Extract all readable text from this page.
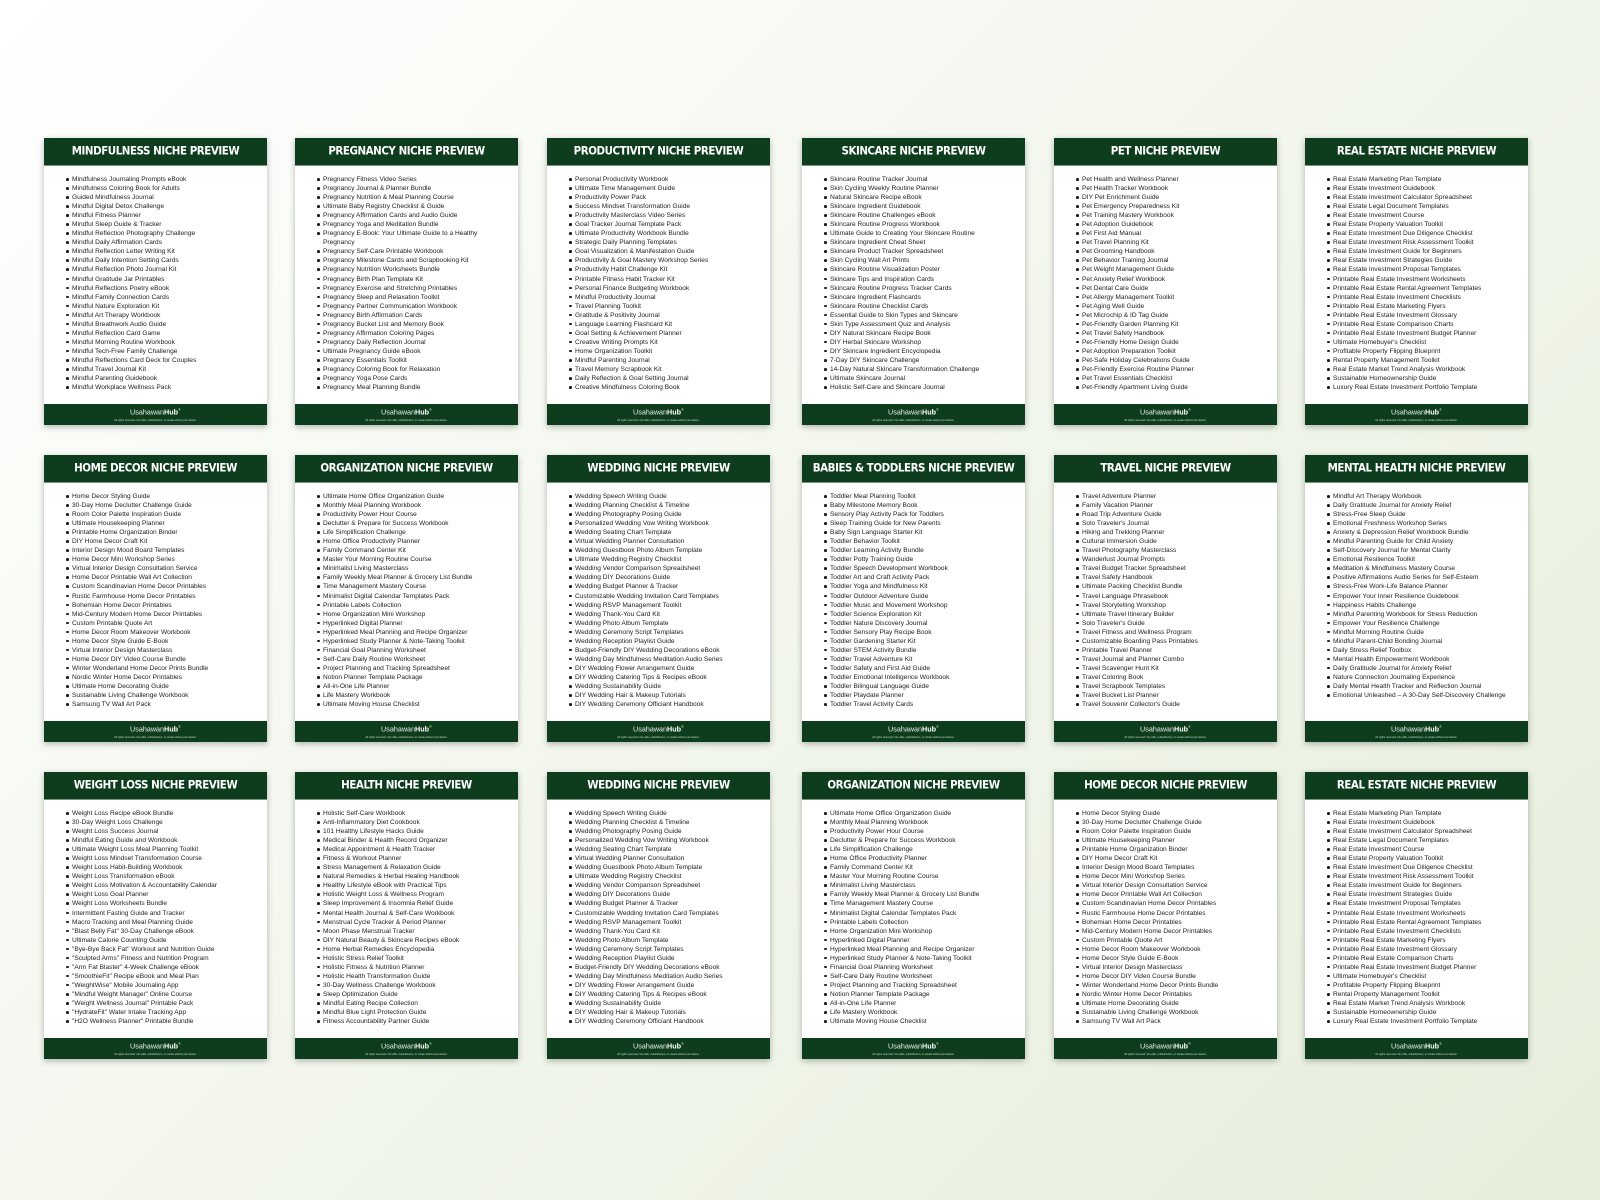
MINDFULNESS NICHE PREVIEW
Mindfulness Journaling Prompts eBook
Mindfulness Coloring Book for Adults
Guided Mindfulness Journal
Mindful Digital Detox Challenge
Mindful Fitness Planner
Mindful Sleep Guide & Tracker
Mindful Reflection Photography Challenge
Mindful Daily Affirmation Cards
Mindful Reflection Letter Writing Kit
Mindful Daily Intention Setting Cards
Mindful Reflection Photo Journal Kit
Mindful Gratitude Jar Printables
Mindful Reflections Poetry eBook
Mindful Family Connection Cards
Mindful Nature Exploration Kit
Mindful Art Therapy Workbook
Mindful Breathwork Audio Guide
Mindful Reflection Card Game
Mindful Morning Routine Workbook
Mindful Tech-Free Family Challenge
Mindful Reflections Card Deck for Couples
Mindful Travel Journal Kit
Mindful Parenting Guidebook
Mindful Workplace Wellness Pack
UsahawanHub®
All rights reserved. No edits, redistribution, or resale without permission.
PREGNANCY NICHE PREVIEW
Pregnancy Fitness Video Series
Pregnancy Journal & Planner Bundle
Pregnancy Nutrition & Meal Planning Course
Ultimate Baby Registry Checklist & Guide
Pregnancy Affirmation Cards and Audio Guide
Pregnancy Yoga and Meditation Bundle
Pregnancy E-Book: Your Ultimate Guide to a Healthy Pregnancy
Pregnancy Self-Care Printable Workbook
Pregnancy Milestone Cards and Scrapbooking Kit
Pregnancy Nutrition Worksheets Bundle
Pregnancy Birth Plan Template Kit
Pregnancy Exercise and Stretching Printables
Pregnancy Sleep and Relaxation Toolkit
Pregnancy Partner Communication Workbook
Pregnancy Birth Affirmation Cards
Pregnancy Bucket List and Memory Book
Pregnancy Affirmation Coloring Pages
Pregnancy Daily Reflection Journal
Ultimate Pregnancy Guide eBook
Pregnancy Essentials Toolkit
Pregnancy Coloring Book for Relaxation
Pregnancy Yoga Pose Cards
Pregnancy Meal Planning Bundle
UsahawanHub®
All rights reserved. No edits, redistribution, or resale without permission.
PRODUCTIVITY NICHE PREVIEW
Personal Productivity Workbook
Ultimate Time Management Guide
Productivity Power Pack
Success Mindset Transformation Guide
Productivity Masterclass Video Series
Goal Tracker Journal Template Pack
Ultimate Productivity Workbook Bundle
Strategic Daily Planning Templates
Goal Visualization & Manifestation Guide
Productivity & Goal Mastery Workshop Series
Productivity Habit Challenge Kit
Printable Fitness Habit Tracker Kit
Personal Finance Budgeting Workbook
Mindful Productivity Journal
Travel Planning Toolkit
Gratitude & Positivity Journal
Language Learning Flashcard Kit
Goal Setting & Achievement Planner
Creative Writing Prompts Kit
Home Organization Toolkit
Mindful Parenting Journal
Travel Memory Scrapbook Kit
Daily Reflection & Goal Setting Journal
Creative Mindfulness Coloring Book
UsahawanHub®
All rights reserved. No edits, redistribution, or resale without permission.
SKINCARE NICHE PREVIEW
Skincare Routine Tracker Journal
Skin Cycling Weekly Routine Planner
Natural Skincare Recipe eBook
Skincare Ingredient Guidebook
Skincare Routine Challenges eBook
Skincare Routine Progress Workbook
Ultimate Guide to Creating Your Skincare Routine
Skincare Ingredient Cheat Sheet
Skincare Product Tracker Spreadsheet
Skin Cycling Wall Art Prints
Skincare Routine Visualization Poster
Skincare Tips and Inspiration Cards
Skincare Routine Progress Tracker Cards
Skincare Ingredient Flashcards
Skincare Routine Checklist Cards
Essential Guide to Skin Types and Skincare
Skin Type Assessment Quiz and Analysis
DIY Natural Skincare Recipe Book
DIY Herbal Skincare Workshop
DIY Skincare Ingredient Encyclopedia
7-Day DIY Skincare Challenge
14-Day Natural Skincare Transformation Challenge
Ultimate Skincare Journal
Holistic Self-Care and Skincare Journal
UsahawanHub®
All rights reserved. No edits, redistribution, or resale without permission.
PET NICHE PREVIEW
Pet Health and Wellness Planner
Pet Health Tracker Workbook
DIY Pet Enrichment Guide
Pet Emergency Preparedness Kit
Pet Training Mastery Workbook
Pet Adoption Guidebook
Pet First Aid Manual
Pet Travel Planning Kit
Pet Grooming Handbook
Pet Behavior Training Journal
Pet Weight Management Guide
Pet Anxiety Relief Workbook
Pet Dental Care Guide
Pet Allergy Management Toolkit
Pet Aging Well Guide
Pet Microchip & ID Tag Guide
Pet-Friendly Garden Planning Kit
Pet Travel Safety Handbook
Pet-Friendly Home Design Guide
Pet Adoption Preparation Toolkit
Pet-Safe Holiday Celebrations Guide
Pet-Friendly Exercise Routine Planner
Pet Travel Essentials Checklist
Pet-Friendly Apartment Living Guide
UsahawanHub®
All rights reserved. No edits, redistribution, or resale without permission.
REAL ESTATE NICHE PREVIEW
Real Estate Marketing Plan Template
Real Estate Investment Guidebook
Real Estate Investment Calculator Spreadsheet
Real Estate Legal Document Templates
Real Estate Investment Course
Real Estate Property Valuation Toolkit
Real Estate Investment Due Diligence Checklist
Real Estate Investment Risk Assessment Toolkit
Real Estate Investment Guide for Beginners
Real Estate Investment Strategies Guide
Real Estate Investment Proposal Templates
Printable Real Estate Investment Worksheets
Printable Real Estate Rental Agreement Templates
Printable Real Estate Investment Checklists
Printable Real Estate Marketing Flyers
Printable Real Estate Investment Glossary
Printable Real Estate Comparison Charts
Printable Real Estate Investment Budget Planner
Ultimate Homebuyer's Checklist
Profitable Property Flipping Blueprint
Rental Property Management Toolkit
Real Estate Market Trend Analysis Workbook
Sustainable Homeownership Guide
Luxury Real Estate Investment Portfolio Template
UsahawanHub®
All rights reserved. No edits, redistribution, or resale without permission.
HOME DECOR NICHE PREVIEW
Home Decor Styling Guide
30-Day Home Declutter Challenge Guide
Room Color Palette Inspiration Guide
Ultimate Housekeeping Planner
Printable Home Organization Binder
DIY Home Decor Craft Kit
Interior Design Mood Board Templates
Home Decor Mini Workshop Series
Virtual Interior Design Consultation Service
Home Decor Printable Wall Art Collection
Custom Scandinavian Home Decor Printables
Rustic Farmhouse Home Decor Printables
Bohemian Home Decor Printables
Mid-Century Modern Home Decor Printables
Custom Printable Quote Art
Home Decor Room Makeover Workbook
Home Decor Style Guide E-Book
Virtual Interior Design Masterclass
Home Decor DIY Video Course Bundle
Winter Wonderland Home Decor Prints Bundle
Nordic Winter Home Decor Printables
Ultimate Home Decorating Guide
Sustainable Living Challenge Workbook
Samsung TV Wall Art Pack
UsahawanHub®
All rights reserved. No edits, redistribution, or resale without permission.
ORGANIZATION NICHE PREVIEW
Ultimate Home Office Organization Guide
Monthly Meal Planning Workbook
Productivity Power Hour Course
Declutter & Prepare for Success Workbook
Life Simplification Challenge
Home Office Productivity Planner
Family Command Center Kit
Master Your Morning Routine Course
Minimalist Living Masterclass
Family Weekly Meal Planner & Grocery List Bundle
Time Management Mastery Course
Minimalist Digital Calendar Templates Pack
Printable Labels Collection
Home Organization Mini Workshop
Hyperlinked Digital Planner
Hyperlinked Meal Planning and Recipe Organizer
Hyperlinked Study Planner & Note-Taking Toolkit
Financial Goal Planning Worksheet
Self-Care Daily Routine Worksheet
Project Planning and Tracking Spreadsheet
Notion Planner Template Package
All-in-One Life Planner
Life Mastery Workbook
Ultimate Moving House Checklist
UsahawanHub®
All rights reserved. No edits, redistribution, or resale without permission.
WEDDING NICHE PREVIEW
Wedding Speech Writing Guide
Wedding Planning Checklist & Timeline
Wedding Photography Posing Guide
Personalized Wedding Vow Writing Workbook
Wedding Seating Chart Template
Virtual Wedding Planner Consultation
Wedding Guestbook Photo Album Template
Ultimate Wedding Registry Checklist
Wedding Vendor Comparison Spreadsheet
Wedding DIY Decorations Guide
Wedding Budget Planner & Tracker
Customizable Wedding Invitation Card Templates
Wedding RSVP Management Toolkit
Wedding Thank-You Card Kit
Wedding Photo Album Template
Wedding Ceremony Script Templates
Wedding Reception Playlist Guide
Budget-Friendly DIY Wedding Decorations eBook
Wedding Day Mindfulness Meditation Audio Series
DIY Wedding Flower Arrangement Guide
DIY Wedding Catering Tips & Recipes eBook
Wedding Sustainability Guide
DIY Wedding Hair & Makeup Tutorials
DIY Wedding Ceremony Officiant Handbook
UsahawanHub®
All rights reserved. No edits, redistribution, or resale without permission.
BABIES & TODDLERS NICHE PREVIEW
Toddler Meal Planning Toolkit
Baby Milestone Memory Book
Sensory Play Activity Pack for Toddlers
Sleep Training Guide for New Parents
Baby Sign Language Starter Kit
Toddler Behavior Toolkit
Toddler Learning Activity Bundle
Toddler Potty Training Guide
Toddler Speech Development Workbook
Toddler Art and Craft Activity Pack
Toddler Yoga and Mindfulness Kit
Toddler Outdoor Adventure Guide
Toddler Music and Movement Workshop
Toddler Science Exploration Kit
Toddler Nature Discovery Journal
Toddler Sensory Play Recipe Book
Toddler Gardening Starter Kit
Toddler STEM Activity Bundle
Toddler Travel Adventure Kit
Toddler Safety and First Aid Guide
Toddler Emotional Intelligence Workbook
Toddler Bilingual Language Guide
Toddler Playdate Planner
Toddler Travel Activity Cards
UsahawanHub®
All rights reserved. No edits, redistribution, or resale without permission.
TRAVEL NICHE PREVIEW
Travel Adventure Planner
Family Vacation Planner
Road Trip Adventure Guide
Solo Traveler's Journal
Hiking and Trekking Planner
Cultural Immersion Guide
Travel Photography Masterclass
Wanderlust Journal Prompts
Travel Budget Tracker Spreadsheet
Travel Safety Handbook
Ultimate Packing Checklist Bundle
Travel Language Phrasebook
Travel Storytelling Workshop
Ultimate Travel Itinerary Builder
Solo Traveler's Guide
Travel Fitness and Wellness Program
Customizable Boarding Pass Printables
Printable Travel Planner
Travel Journal and Planner Combo
Travel Scavenger Hunt Kit
Travel Coloring Book
Travel Scrapbook Templates
Travel Bucket List Planner
Travel Souvenir Collector's Guide
UsahawanHub®
All rights reserved. No edits, redistribution, or resale without permission.
MENTAL HEALTH NICHE PREVIEW
Mindful Art Therapy Workbook
Daily Gratitude Journal for Anxiety Relief
Stress-Free Sleep Guide
Emotional Freshness Workshop Series
Anxiety & Depression Relief Workbook Bundle
Mindful Parenting Guide for Child Anxiety
Self-Discovery Journal for Mental Clarity
Emotional Resilience Toolkit
Meditation & Mindfulness Mastery Course
Positive Affirmations Audio Series for Self-Esteem
Stress-Free Work-Life Balance Planner
Empower Your Inner Resilience Guidebook
Happiness Habits Challenge
Mindful Parenting Workbook for Stress Reduction
Empower Your Resilience Challenge
Mindful Morning Routine Guide
Mindful Parent-Child Bonding Journal
Daily Stress Relief Toolbox
Mental Health Empowerment Workbook
Daily Gratitude Journal for Anxiety Relief
Nature Connection Journaling Experience
Daily Mental Health Tracker and Reflection Journal
Emotional Unleashed – A 30-Day Self-Discovery Challenge
UsahawanHub®
All rights reserved. No edits, redistribution, or resale without permission.
WEIGHT LOSS NICHE PREVIEW
Weight Loss Recipe eBook Bundle
30-Day Weight Loss Challenge
Weight Loss Success Journal
Mindful Eating Guide and Workbook
Ultimate Weight Loss Meal Planning Toolkit
Weight Loss Mindset Transformation Course
Weight Loss Habit-Building Workbook
Weight Loss Transformation eBook
Weight Loss Motivation & Accountability Calendar
Weight Loss Goal Planner
Weight Loss Worksheets Bundle
Intermittent Fasting Guide and Tracker
Macro Tracking and Meal Planning Guide
"Blast Belly Fat" 30-Day Challenge eBook
Ultimate Calorie Counting Guide
"Bye-Bye Back Fat" Workout and Nutrition Guide
"Sculpted Arms" Fitness and Nutrition Program
"Arm Fat Blaster" 4-Week Challenge eBook
"SmoothieFit" Recipe eBook and Meal Plan
"WeightWise" Mobile Journaling App
"Mindful Weight Manager" Online Course
"Weight Wellness Journal" Printable Pack
"HydrateFit" Water Intake Tracking App
"H2O Wellness Planner" Printable Bundle
UsahawanHub®
All rights reserved. No edits, redistribution, or resale without permission.
HEALTH NICHE PREVIEW
Holistic Self-Care Workbook
Anti-Inflammatory Diet Cookbook
101 Healthy Lifestyle Hacks Guide
Medical Binder & Health Record Organizer
Medical Appointment & Health Tracker
Fitness & Workout Planner
Stress Management & Relaxation Guide
Natural Remedies & Herbal Healing Handbook
Healthy Lifestyle eBook with Practical Tips
Holistic Weight Loss & Wellness Program
Sleep Improvement & Insomnia Relief Guide
Mental Health Journal & Self-Care Workbook
Menstrual Cycle Tracker & Period Planner
Moon Phase Menstrual Tracker
DIY Natural Beauty & Skincare Recipes eBook
Home Herbal Remedies Encyclopedia
Holistic Stress Relief Toolkit
Holistic Fitness & Nutrition Planner
Holistic Health Transformation Guide
30-Day Wellness Challenge Workbook
Sleep Optimization Guide
Mindful Eating Recipe Collection
Mindful Blue Light Protection Guide
Fitness Accountability Partner Guide
UsahawanHub®
All rights reserved. No edits, redistribution, or resale without permission.
WEDDING NICHE PREVIEW
Wedding Speech Writing Guide
Wedding Planning Checklist & Timeline
Wedding Photography Posing Guide
Personalized Wedding Vow Writing Workbook
Wedding Seating Chart Template
Virtual Wedding Planner Consultation
Wedding Guestbook Photo Album Template
Ultimate Wedding Registry Checklist
Wedding Vendor Comparison Spreadsheet
Wedding DIY Decorations Guide
Wedding Budget Planner & Tracker
Customizable Wedding Invitation Card Templates
Wedding RSVP Management Toolkit
Wedding Thank-You Card Kit
Wedding Photo Album Template
Wedding Ceremony Script Templates
Wedding Reception Playlist Guide
Budget-Friendly DIY Wedding Decorations eBook
Wedding Day Mindfulness Meditation Audio Series
DIY Wedding Flower Arrangement Guide
DIY Wedding Catering Tips & Recipes eBook
Wedding Sustainability Guide
DIY Wedding Hair & Makeup Tutorials
DIY Wedding Ceremony Officiant Handbook
UsahawanHub®
All rights reserved. No edits, redistribution, or resale without permission.
ORGANIZATION NICHE PREVIEW
Ultimate Home Office Organization Guide
Monthly Meal Planning Workbook
Productivity Power Hour Course
Declutter & Prepare for Success Workbook
Life Simplification Challenge
Home Office Productivity Planner
Family Command Center Kit
Master Your Morning Routine Course
Minimalist Living Masterclass
Family Weekly Meal Planner & Grocery List Bundle
Time Management Mastery Course
Minimalist Digital Calendar Templates Pack
Printable Labels Collection
Home Organization Mini Workshop
Hyperlinked Digital Planner
Hyperlinked Meal Planning and Recipe Organizer
Hyperlinked Study Planner & Note-Taking Toolkit
Financial Goal Planning Worksheet
Self-Care Daily Routine Worksheet
Project Planning and Tracking Spreadsheet
Notion Planner Template Package
All-in-One Life Planner
Life Mastery Workbook
Ultimate Moving House Checklist
UsahawanHub®
All rights reserved. No edits, redistribution, or resale without permission.
HOME DECOR NICHE PREVIEW
Home Decor Styling Guide
30-Day Home Declutter Challenge Guide
Room Color Palette Inspiration Guide
Ultimate Housekeeping Planner
Printable Home Organization Binder
DIY Home Decor Craft Kit
Interior Design Mood Board Templates
Home Decor Mini Workshop Series
Virtual Interior Design Consultation Service
Home Decor Printable Wall Art Collection
Custom Scandinavian Home Decor Printables
Rustic Farmhouse Home Decor Printables
Bohemian Home Decor Printables
Mid-Century Modern Home Decor Printables
Custom Printable Quote Art
Home Decor Room Makeover Workbook
Home Decor Style Guide E-Book
Virtual Interior Design Masterclass
Home Decor DIY Video Course Bundle
Winter Wonderland Home Decor Prints Bundle
Nordic Winter Home Decor Printables
Ultimate Home Decorating Guide
Sustainable Living Challenge Workbook
Samsung TV Wall Art Pack
UsahawanHub®
All rights reserved. No edits, redistribution, or resale without permission.
REAL ESTATE NICHE PREVIEW
Real Estate Marketing Plan Template
Real Estate Investment Guidebook
Real Estate Investment Calculator Spreadsheet
Real Estate Legal Document Templates
Real Estate Investment Course
Real Estate Property Valuation Toolkit
Real Estate Investment Due Diligence Checklist
Real Estate Investment Risk Assessment Toolkit
Real Estate Investment Guide for Beginners
Real Estate Investment Strategies Guide
Real Estate Investment Proposal Templates
Printable Real Estate Investment Worksheets
Printable Real Estate Rental Agreement Templates
Printable Real Estate Investment Checklists
Printable Real Estate Marketing Flyers
Printable Real Estate Investment Glossary
Printable Real Estate Comparison Charts
Printable Real Estate Investment Budget Planner
Ultimate Homebuyer's Checklist
Profitable Property Flipping Blueprint
Rental Property Management Toolkit
Real Estate Market Trend Analysis Workbook
Sustainable Homeownership Guide
Luxury Real Estate Investment Portfolio Template
UsahawanHub®
All rights reserved. No edits, redistribution, or resale without permission.
